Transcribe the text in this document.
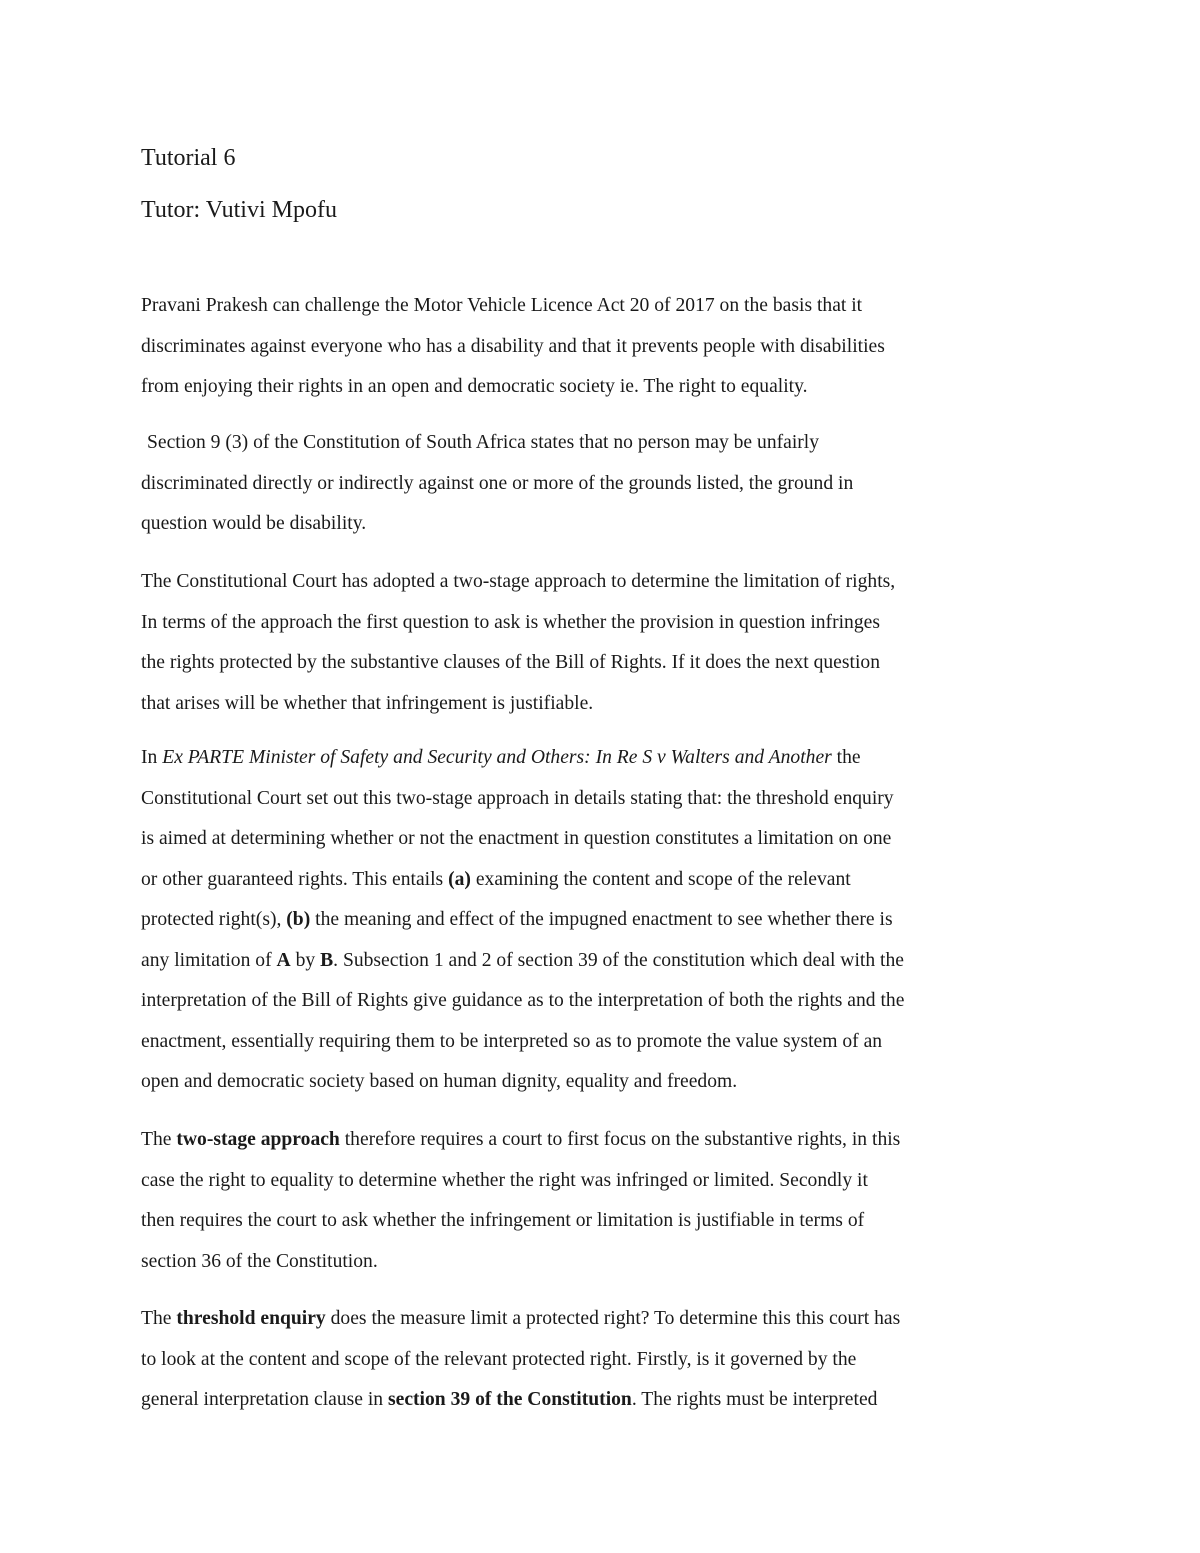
Tutorial 6
Tutor: Vutivi Mpofu

Pravani Prakesh can challenge the Motor Vehicle Licence Act 20 of 2017 on the basis that it
discriminates against everyone who has a disability and that it prevents people with disabilities
from enjoying their rights in an open and democratic society ie. The right to equality.

Section 9 (3) of the Constitution of South Africa states that no person may be unfairly
discriminated directly or indirectly against one or more of the grounds listed, the ground in
question would be disability.

The Constitutional Court has adopted a two-stage approach to determine the limitation of rights,
In terms of the approach the first question to ask is whether the provision in question infringes
the rights protected by the substantive clauses of the Bill of Rights. If it does the next question
that arises will be whether that infringement is justifiable.

In Ex PARTE Minister of Safety and Security and Others: In Re S v Walters and Another the
Constitutional Court set out this two-stage approach in details stating that: the threshold enquiry
is aimed at determining whether or not the enactment in question constitutes a limitation on one
or other guaranteed rights. This entails (a) examining the content and scope of the relevant
protected right(s), (b) the meaning and effect of the impugned enactment to see whether there is
any limitation of A by B. Subsection 1 and 2 of section 39 of the constitution which deal with the
interpretation of the Bill of Rights give guidance as to the interpretation of both the rights and the
enactment, essentially requiring them to be interpreted so as to promote the value system of an
open and democratic society based on human dignity, equality and freedom.

The two-stage approach therefore requires a court to first focus on the substantive rights, in this
case the right to equality to determine whether the right was infringed or limited. Secondly it
then requires the court to ask whether the infringement or limitation is justifiable in terms of
section 36 of the Constitution.

The threshold enquiry does the measure limit a protected right? To determine this this court has
to look at the content and scope of the relevant protected right. Firstly, is it governed by the
general interpretation clause in section 39 of the Constitution. The rights must be interpreted
